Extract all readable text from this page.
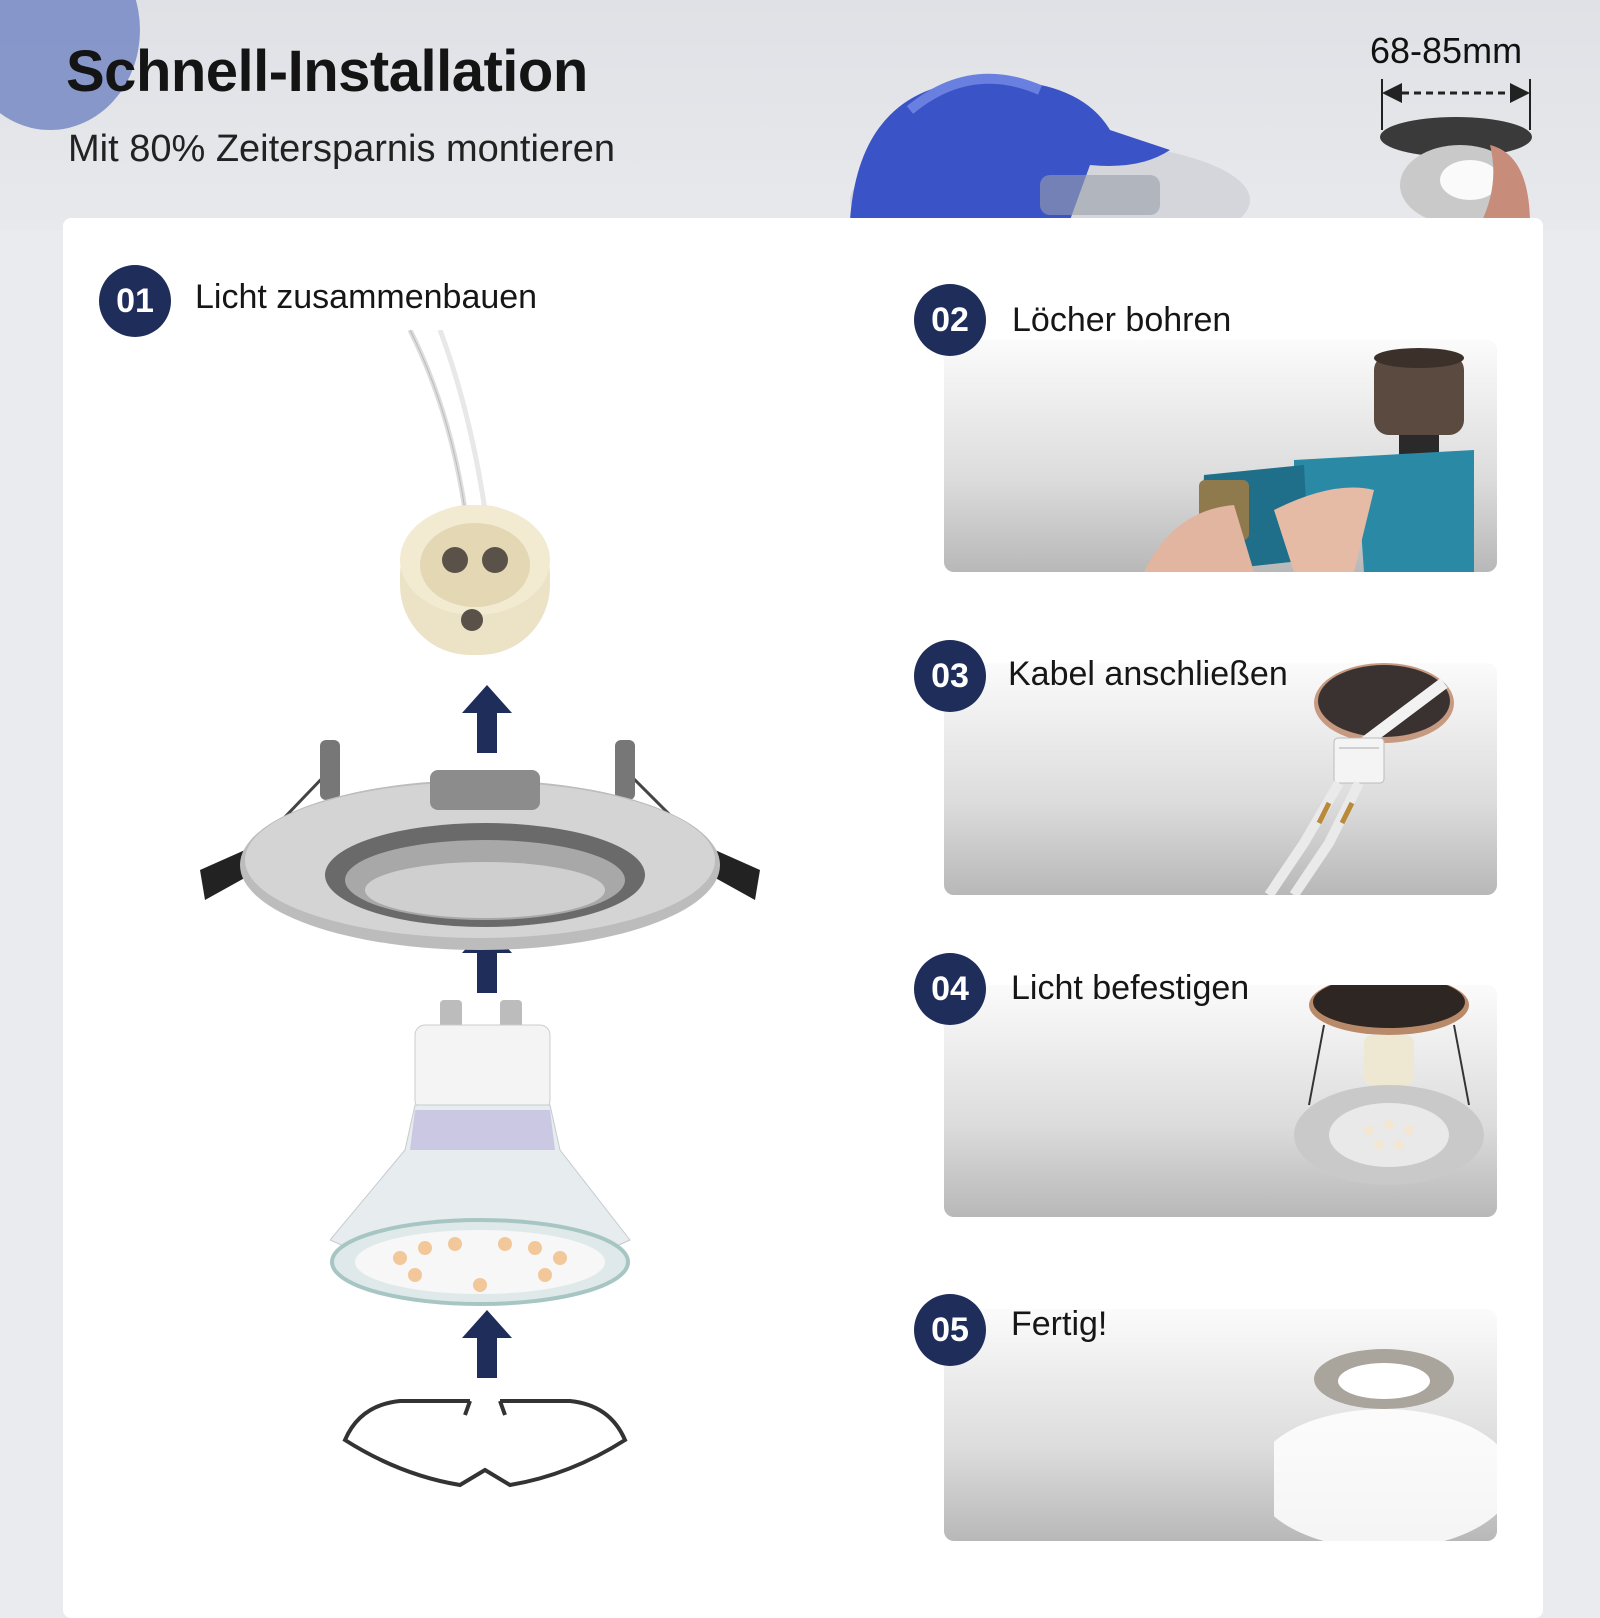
Schnell-Installation
Mit 80% Zeitersparnis montieren
68-85mm
01	Licht zusammenbauen
02	Löcher bohren
03	Kabel anschließen
04	Licht befestigen
05	Fertig!
